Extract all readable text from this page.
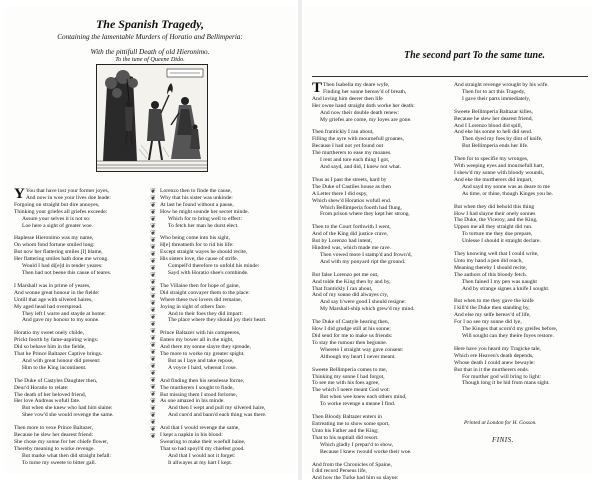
The Spanish Tragedy,
Containing the lamentable Murders of Horatio and Bellimperia:
With the pittifull Death of old Hieronimo.
To the tune of Queene Dido.
Y You that have lost your former joyes,
And now in woe your lives doe leade:
Forgoing on straight but dire annoyes,
Thinking your griefes all griefes exceede:
Assure your selves it is not so:
Loe here a sight of greater woe.
Haplesse Hieronimo was my name,
On whom fond fortune smiled long:
But now her flattering smiles [I] blame,
Her flattering smiles hath done me wrong.
Would I had di[e]d in tender yeares:
Then had not beene this cause of teares.
I Marshall was in prime of yeares,
And wonne great honour in the fielde:
Untill that age with silvered haires,
My aged head had overspread.
They left I warre and stayde at home:
And gave my honour to my sonne.
Horatio my sweet onely childe,
Prickt foorth by fame-aspiring wings:
Did so behave him in the fielde,
That he Prince Baltazer Captive brings.
And with great honour did present:
Him to the King incontinent.
The Duke of Castyles Daughter then,
Deur'd Horatio to relate:
The death of her beloved friend,
Her love Andreas wofull fate.
But when she knew who had him slaine:
Shee vow'd she would revenge the same.
Then more to vexe Prince Baltazer,
Because he slew her dearest friend:
She chose my sonne for her chiefe flower,
Thereby meaning to worke revenge.
But marke what then did straight befall:
To turne my sweete to bitter gall.
❦
❦
❦
❦
❦
❦
❦
❦
❦
❦
❦
❦
❦
❦
❦
❦
❦
❦
❦
❦
❦
❦
❦
❦
❦
❦
❦
❦
❦
❦
❦
❦
❦
❦
❦
❦
Lorenzo then to finde the cause,
Why that his sister was unkinde:
At last he found without a pause,
How he might sounde her secret minde.
Which for to bring well to effect:
To fetch her man he durst elect.
Who being come into his sight,
H[e] threatneth for to rid his life:
Except straight wayes he should recite,
His sisters love, the cause of strife.
Compell'd therefore to unfold his minde:
Sayd with Horatio shee's combinde.
The Villaine then for hope of gaine,
Did straight convayer them to the place:
Where these two lovers did remaine,
Joying in sight of others face.
And to their foes they did impart:
The place where they should joy their heart.
Prince Baltazer with his compeeres,
Enters my bower all in the night,
And there my sonne slayre they spreade,
The more to worke my greater spight.
But as I laye and take repose,
A voyce I hard, whereat I rose.
And finding then his senslesse forme,
The murtherers I sought to finde,
But missing them I stood forlorne,
As one amazed in his minde.
And then I wept and pull my silvered haire,
And curs'd and bann'd each thing was there.
And that I would revenge the same,
I kept a napkin in his blood:
Swearing to make their woefull baine,
That so had spoyl'd my chiefest good.
And that I would not it forget:
It allwayes at my hart I kept.
The second part To the same tune.
T Then Isabella my deare wyfe,
Finding her sonne bereav'd of breath,
And loving him deerer then life
Her owne hand straight doth worke her death:
And now their double death renew:
My griefes are come, my Ioyes are gone.
Then frantickly I ran about,
Filling the ayre with mournefull groanes,
Because I had not yet found out
The murtherers to ease my moanes.
I rent and tore each thing I got,
And sayd, and did, I knew not what.
Thus as I past the streets, hard by
The Duke of Castiles house as then
A Letter there I did espy,
Which shew'd Horatios wofull end.
Which Bellimperia foorth had flung,
From prison where they kept her strong.
Then to the Court forthwith I went,
And of the King did justice crave,
But by Lorenzo had intent,
Hindred was, which made me rave.
Then vowed more I stamp'd and frown'd,
And with my ponyard ript the ground.
But false Lorenzo pet me out,
And tolde the King then by and by,
That frantickly I ran about,
And of my sonne did alwayes cry,
And say h'were good I should resigne:
My Marshall-ship which grew'd my mind.
The Duke of Castyle hearing then,
How I did grudge still at his sonne;
Did send for me to make us friends:
To stay the rumour then begunne.
Whereto I straight way gave consent:
Although my heart I never meant.
Sweete Bellimperia comes to me,
Thinking my sonne I had forgot,
To see me with his foes agree,
The which I neere meant God wot:
But when wee knew each others mind,
To worke revenge a meane I find.
Then Bloody Baltazer enters in
Entreating me to show some sport,
Unto his Father and the King;
That to his nuptiall did resort.
Which gladly I prepar'd to show,
Because I knew twould worke their woe.
And from the Chronicles of Spaine,
I did record Perseus life,
And how the Turke had him so slayne:
And straight revenge wrought by his wife.
Then for to act this Tragedy,
I gave their parts immediately,
Sweete Bellimperia Baltazar killes,
Because he slew her dearest friend,
And I Lorenzo blood did spill,
And eke his sonne to hell did send.
Then dyed my foes by dint of knife,
But Bellimperia ends her life.
Then for to specifie my wronges,
With weeping eyes and mournefull hart,
I shew'd my sonne with bloody wounds,
And eke the murtherers did impart,
And sayd my sonne was as deare to me
As time, or thine, though Kinges you be.
But when they did behold this thing
How I had slayne their onely sonnes
The Duke, the Viceroy, and the King,
Uppon me all they straight did run.
To torture me they doe prepare,
Unlesse I should it straight declare.
They knowing well that I could write,
Unto my hand a pen did reach,
Meaning thereby I should recite,
The authors of this bloody fetch.
Then fained I my pen was naught
And by strange signes a knife I sought.
But when to me they gave the knife
I kill'd the Duke then standing by,
And else my selfe bereav'd of life,
For I no see my sonne did lye,
The Kinges that scorn'd my greifes before,
Will sought can they theire foyes restore.
Here have you heard my Tragicke tale,
Which ere Heaven's death depends,
Whose death I could anew bewayle:
But that in it the murtherers ends.
For murther god will bring to light:
Though long it be hid from mans sight.
Printed at London for H. Gosson.
FINIS.
